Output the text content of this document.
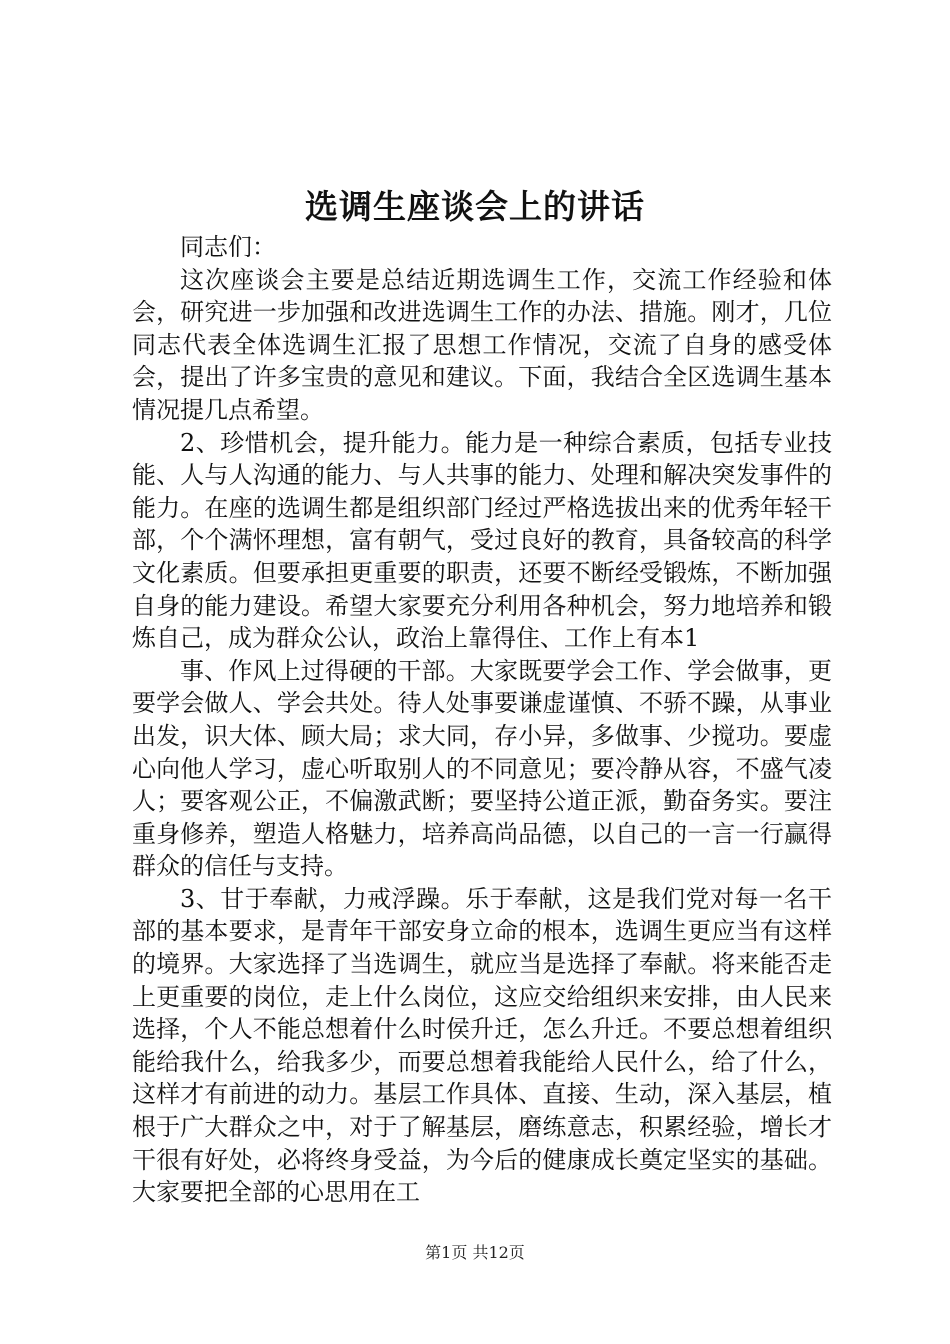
选调生座谈会上的讲话

同志们：

这次座谈会主要是总结近期选调生工作，交流工作经验和体会，研究进一步加强和改进选调生工作的办法、措施。刚才，几位同志代表全体选调生汇报了思想工作情况，交流了自身的感受体会，提出了许多宝贵的意见和建议。下面，我结合全区选调生基本情况提几点希望。

2、珍惜机会，提升能力。能力是一种综合素质，包括专业技能、人与人沟通的能力、与人共事的能力、处理和解决突发事件的能力。在座的选调生都是组织部门经过严格选拔出来的优秀年轻干部，个个满怀理想，富有朝气，受过良好的教育，具备较高的科学文化素质。但要承担更重要的职责，还要不断经受锻炼，不断加强自身的能力建设。希望大家要充分利用各种机会，努力地培养和锻炼自己，成为群众公认，政治上靠得住、工作上有本1

事、作风上过得硬的干部。大家既要学会工作、学会做事，更要学会做人、学会共处。待人处事要谦虚谨慎、不骄不躁，从事业出发，识大体、顾大局；求大同，存小异，多做事、少搅功。要虚心向他人学习，虚心听取别人的不同意见；要冷静从容，不盛气凌人；要客观公正，不偏激武断；要坚持公道正派，勤奋务实。要注重身修养，塑造人格魅力，培养高尚品德，以自己的一言一行赢得群众的信任与支持。

3、甘于奉献，力戒浮躁。乐于奉献，这是我们党对每一名干部的基本要求，是青年干部安身立命的根本，选调生更应当有这样的境界。大家选择了当选调生，就应当是选择了奉献。将来能否走上更重要的岗位，走上什么岗位，这应交给组织来安排，由人民来选择，个人不能总想着什么时侯升迁，怎么升迁。不要总想着组织能给我什么，给我多少，而要总想着我能给人民什么，给了什么，这样才有前进的动力。基层工作具体、直接、生动，深入基层，植根于广大群众之中，对于了解基层，磨练意志，积累经验，增长才干很有好处，必将终身受益，为今后的健康成长奠定坚实的基础。大家要把全部的心思用在工

第1页 共12页
